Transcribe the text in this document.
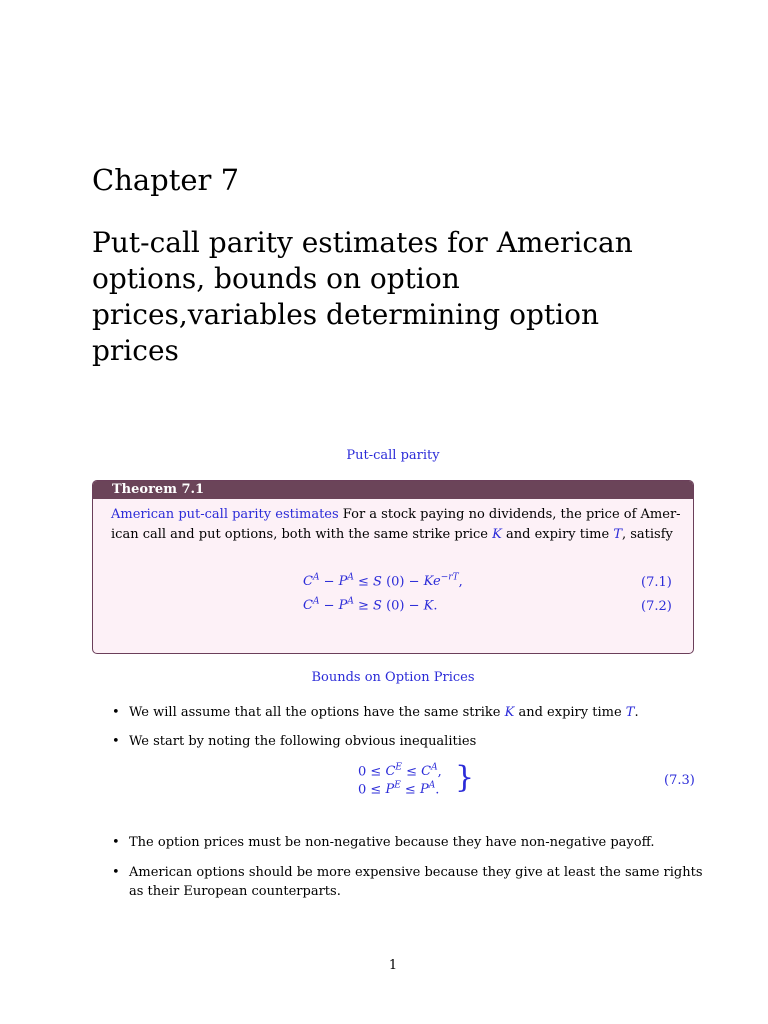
Chapter 7
Put-call parity estimates for American
options, bounds on option
prices,variables determining option
prices
Put-call parity
Theorem 7.1
American put-call parity estimates For a stock paying no dividends, the price of Amer-
ican call and put options, both with the same strike price K and expiry time T, satisfy
$C^A - P^A \le S$ $(0) - Ke^{-rT}$,	(7.1)
$C^A - P^A \ge S$ (0) − K.	(7.2)
Bounds on Option Prices
• We will assume that all the options have the same strike K and expiry time T.
• We start by noting the following obvious inequalities
$0 \le C^E \le C^A$,
$0 \le P^E \le P^A$. }	(7.3)
• The option prices must be non-negative because they have non-negative payoff.
• American options should be more expensive because they give at least the same rights
as their European counterparts.
1
